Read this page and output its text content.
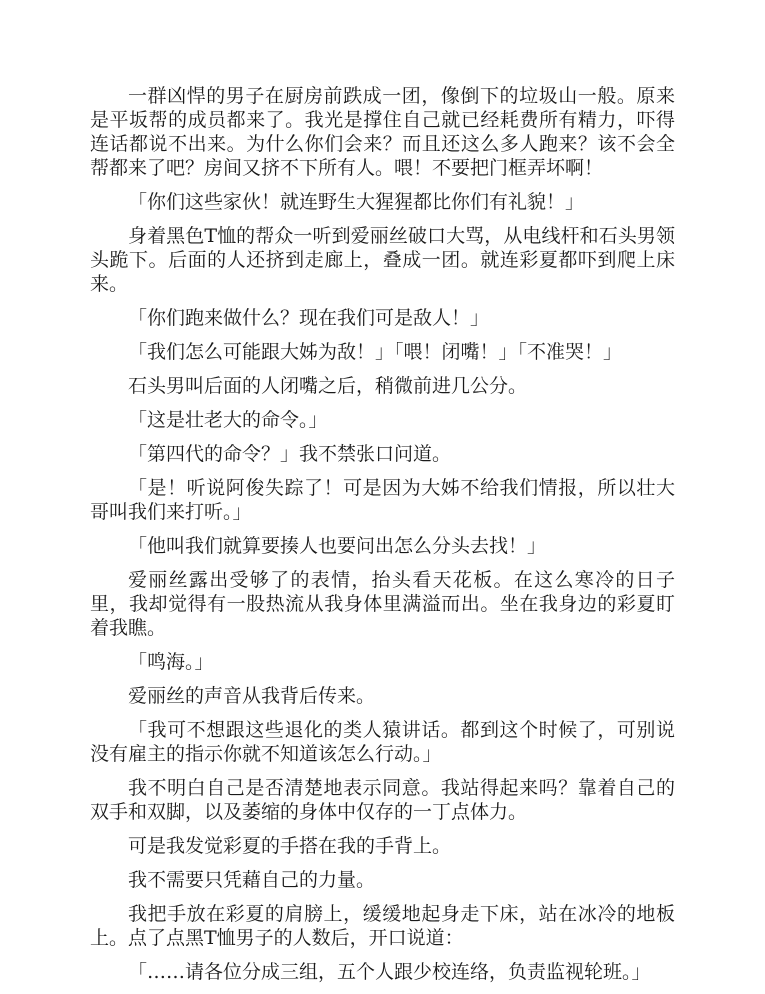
一群凶悍的男子在厨房前跌成一团，像倒下的垃圾山一般。原来是平坂帮的成员都来了。我光是撑住自己就已经耗费所有精力，吓得连话都说不出来。为什么你们会来？而且还这么多人跑来？该不会全帮都来了吧？房间又挤不下所有人。喂！不要把门框弄坏啊！

「你们这些家伙！就连野生大猩猩都比你们有礼貌！」

身着黑色T恤的帮众一听到爱丽丝破口大骂，从电线杆和石头男领头跪下。后面的人还挤到走廊上，叠成一团。就连彩夏都吓到爬上床来。

「你们跑来做什么？现在我们可是敌人！」

「我们怎么可能跟大姊为敌！」「喂！闭嘴！」「不准哭！」

石头男叫后面的人闭嘴之后，稍微前进几公分。

「这是壮老大的命令。」

「第四代的命令？」我不禁张口问道。

「是！听说阿俊失踪了！可是因为大姊不给我们情报，所以壮大哥叫我们来打听。」

「他叫我们就算要揍人也要问出怎么分头去找！」

爱丽丝露出受够了的表情，抬头看天花板。在这么寒冷的日子里，我却觉得有一股热流从我身体里满溢而出。坐在我身边的彩夏盯着我瞧。

「鸣海。」

爱丽丝的声音从我背后传来。

「我可不想跟这些退化的类人猿讲话。都到这个时候了，可别说没有雇主的指示你就不知道该怎么行动。」

我不明白自己是否清楚地表示同意。我站得起来吗？靠着自己的双手和双脚，以及萎缩的身体中仅存的一丁点体力。

可是我发觉彩夏的手搭在我的手背上。

我不需要只凭藉自己的力量。

我把手放在彩夏的肩膀上，缓缓地起身走下床，站在冰冷的地板上。点了点黑T恤男子的人数后，开口说道：

「……请各位分成三组，五个人跟少校连络，负责监视轮班。」
